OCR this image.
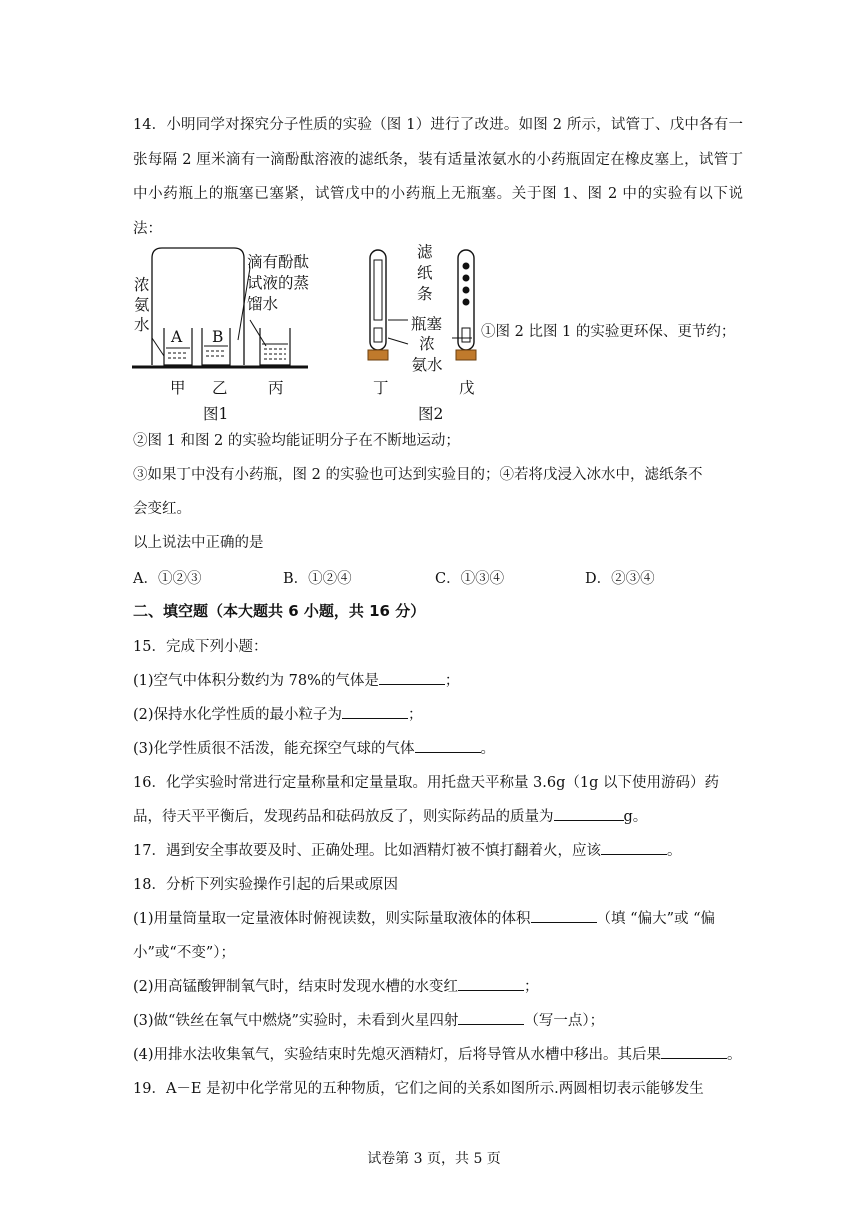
14．小明同学对探究分子性质的实验（图 1）进行了改进。如图 2 所示，试管丁、戊中各有一张每隔 2 厘米滴有一滴酚酞溶液的滤纸条，装有适量浓氨水的小药瓶固定在橡皮塞上，试管丁中小药瓶上的瓶塞已塞紧，试管戊中的小药瓶上无瓶塞。关于图 1、图 2 中的实验有以下说法：
浓
氨
水
滴有酚酞
试液的蒸
馏水
A B
甲 乙	丙
图1
滤
纸
条
瓶塞
浓
氨水
丁	戊
图2
①图 2 比图 1 的实验更环保、更节约；
②图 1 和图 2 的实验均能证明分子在不断地运动；
③如果丁中没有小药瓶，图 2 的实验也可达到实验目的；④若将戊浸入冰水中，滤纸条不
会变红。
以上说法中正确的是
A．①②③	B．①②④	C．①③④	D．②③④
二、填空题（本大题共 6 小题，共 16 分）
15．完成下列小题：
(1)空气中体积分数约为 78%的气体是	；
(2)保持水化学性质的最小粒子为	；
(3)化学性质很不活泼，能充探空气球的气体	。
16．化学实验时常进行定量称量和定量量取。用托盘天平称量 3.6g（1g 以下使用游码）药
品，待天平平衡后，发现药品和砝码放反了，则实际药品的质量为	g。
17．遇到安全事故要及时、正确处理。比如酒精灯被不慎打翻着火，应该	。
18．分析下列实验操作引起的后果或原因
(1)用量筒量取一定量液体时俯视读数，则实际量取液体的体积	（填 “偏大”或 “偏
小”或“不变”）；
(2)用高锰酸钾制氧气时，结束时发现水槽的水变红	；
(3)做“铁丝在氧气中燃烧”实验时，未看到火星四射	（写一点）；
(4)用排水法收集氧气，实验结束时先熄灭酒精灯，后将导管从水槽中移出。其后果	。
19．A－E 是初中化学常见的五种物质，它们之间的关系如图所示.两圆相切表示能够发生
试卷第 3 页，共 5 页
